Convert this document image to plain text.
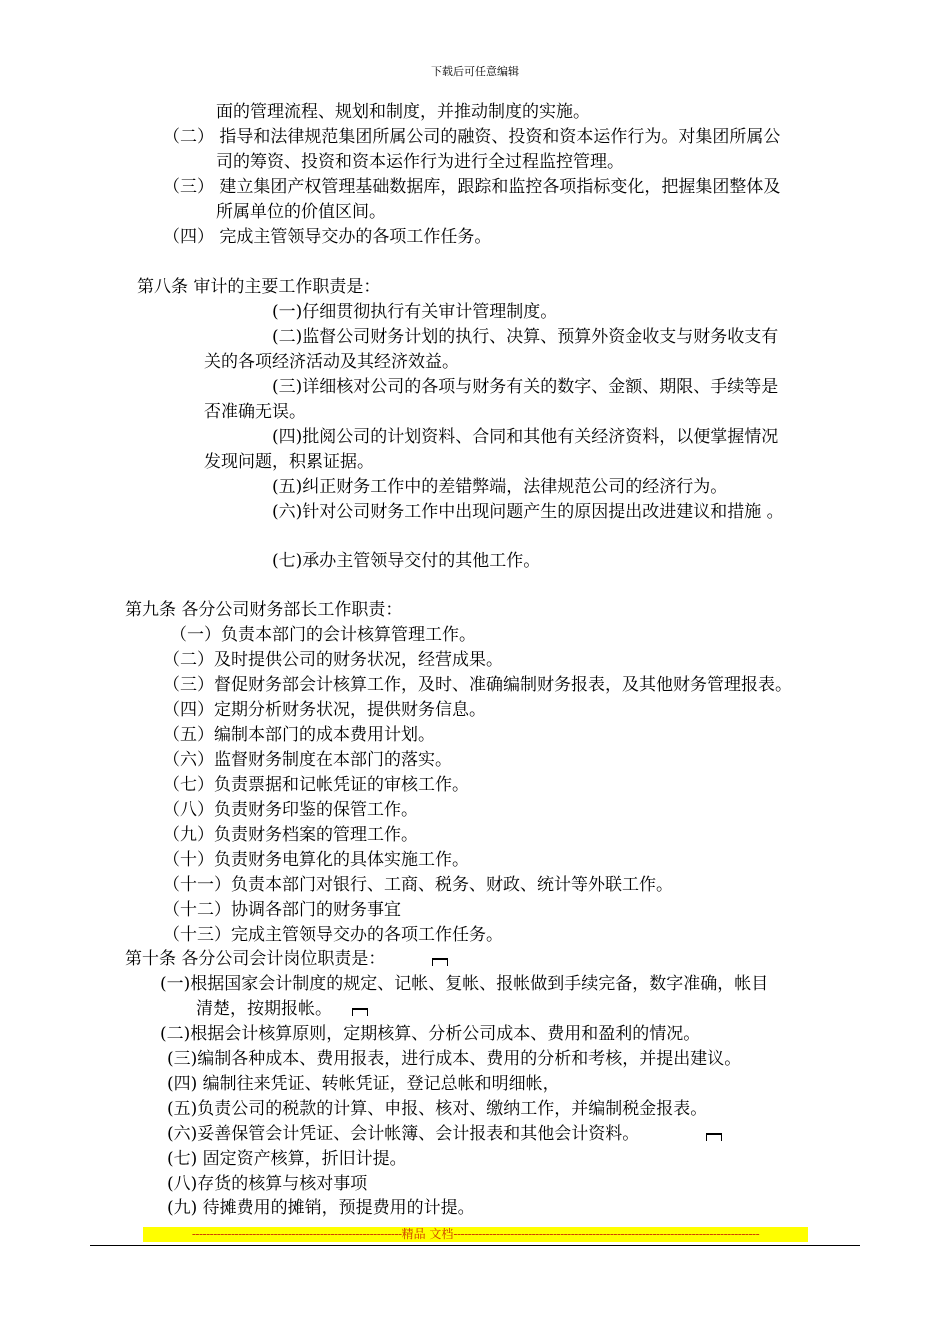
下载后可任意编辑
面的管理流程、规划和制度，并推动制度的实施。
（二） 指导和法律规范集团所属公司的融资、投资和资本运作行为。对集团所属公
司的筹资、投资和资本运作行为进行全过程监控管理。
（三） 建立集团产权管理基础数据库，跟踪和监控各项指标变化，把握集团整体及
所属单位的价值区间。
（四） 完成主管领导交办的各项工作任务。
第八条 审计的主要工作职责是：
(一)仔细贯彻执行有关审计管理制度。
(二)监督公司财务计划的执行、决算、预算外资金收支与财务收支有
关的各项经济活动及其经济效益。
(三)详细核对公司的各项与财务有关的数字、金额、期限、手续等是
否准确无误。
(四)批阅公司的计划资料、合同和其他有关经济资料，以便掌握情况
发现问题，积累证据。
(五)纠正财务工作中的差错弊端，法律规范公司的经济行为。
(六)针对公司财务工作中出现问题产生的原因提出改进建议和措施 。
(七)承办主管领导交付的其他工作。
第九条 各分公司财务部长工作职责：
（一）负责本部门的会计核算管理工作。
（二）及时提供公司的财务状况，经营成果。
（三）督促财务部会计核算工作，及时、准确编制财务报表，及其他财务管理报表。
（四）定期分析财务状况，提供财务信息。
（五）编制本部门的成本费用计划。
（六）监督财务制度在本部门的落实。
（七）负责票据和记帐凭证的审核工作。
（八）负责财务印鉴的保管工作。
（九）负责财务档案的管理工作。
（十）负责财务电算化的具体实施工作。
（十一）负责本部门对银行、工商、税务、财政、统计等外联工作。
（十二）协调各部门的财务事宜
（十三）完成主管领导交办的各项工作任务。
第十条 各分公司会计岗位职责是：
(一)根据国家会计制度的规定、记帐、复帐、报帐做到手续完备，数字准确，帐目
清楚，按期报帐。
(二)根据会计核算原则，定期核算、分析公司成本、费用和盈利的情况。
(三)编制各种成本、费用报表，进行成本、费用的分析和考核，并提出建议。
(四) 编制往来凭证、转帐凭证，登记总帐和明细帐，
(五)负责公司的税款的计算、申报、核对、缴纳工作，并编制税金报表。
(六)妥善保管会计凭证、会计帐簿、会计报表和其他会计资料。
(七) 固定资产核算，折旧计提。
(八)存货的核算与核对事项
(九) 待摊费用的摊销，预提费用的计提。
-----------------------------------------------------------精品 文档--------------------------------------------------------------------------------------
